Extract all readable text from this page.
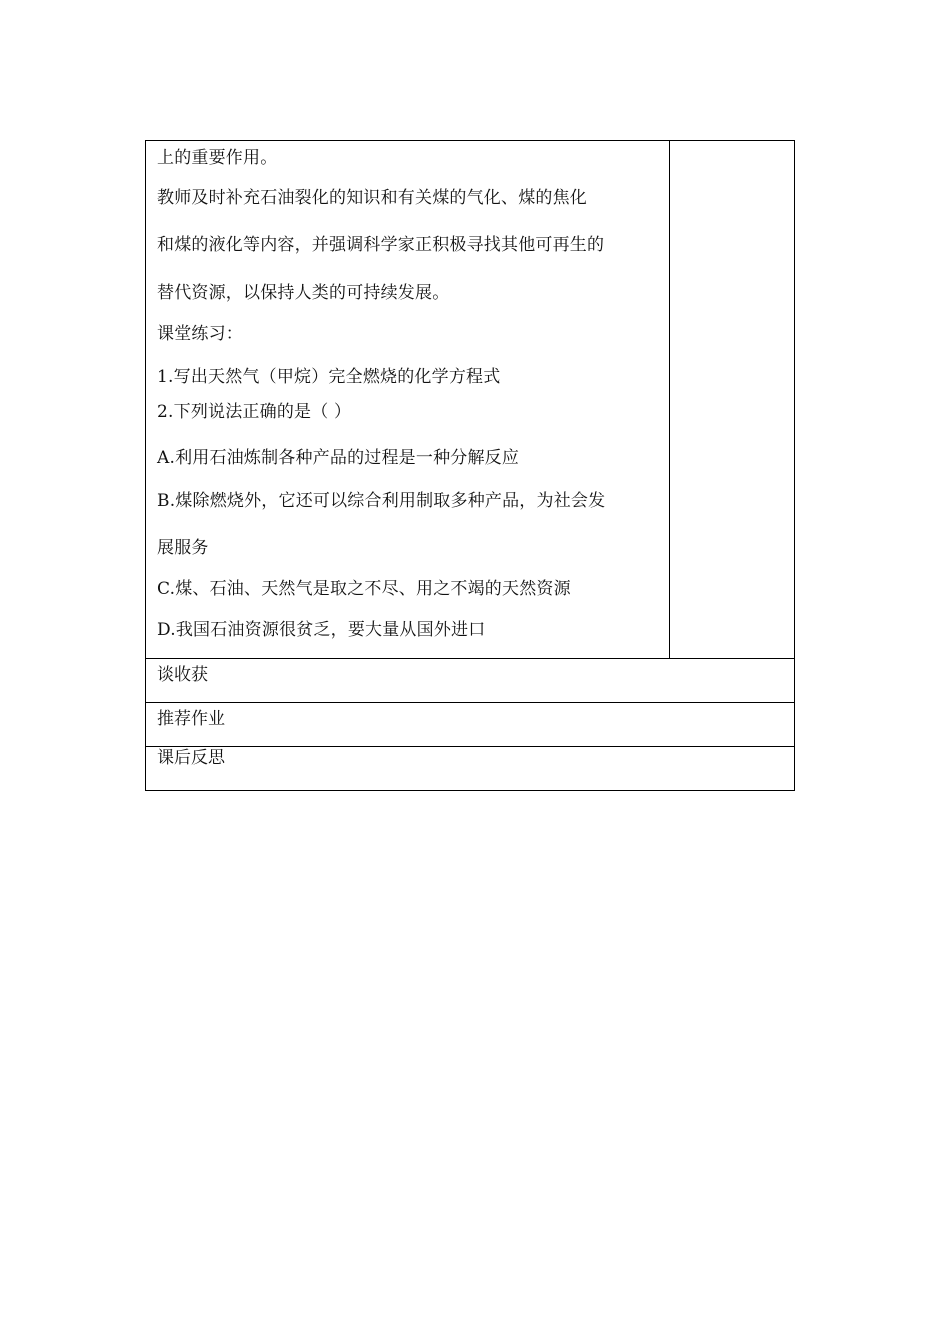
上的重要作用。
教师及时补充石油裂化的知识和有关煤的气化、煤的焦化
和煤的液化等内容，并强调科学家正积极寻找其他可再生的
替代资源，以保持人类的可持续发展。
课堂练习：
1.写出天然气（甲烷）完全燃烧的化学方程式
2.下列说法正确的是（ ）
A.利用石油炼制各种产品的过程是一种分解反应
B.煤除燃烧外，它还可以综合利用制取多种产品，为社会发
展服务
C.煤、石油、天然气是取之不尽、用之不竭的天然资源
D.我国石油资源很贫乏，要大量从国外进口

谈收获

推荐作业

课后反思
